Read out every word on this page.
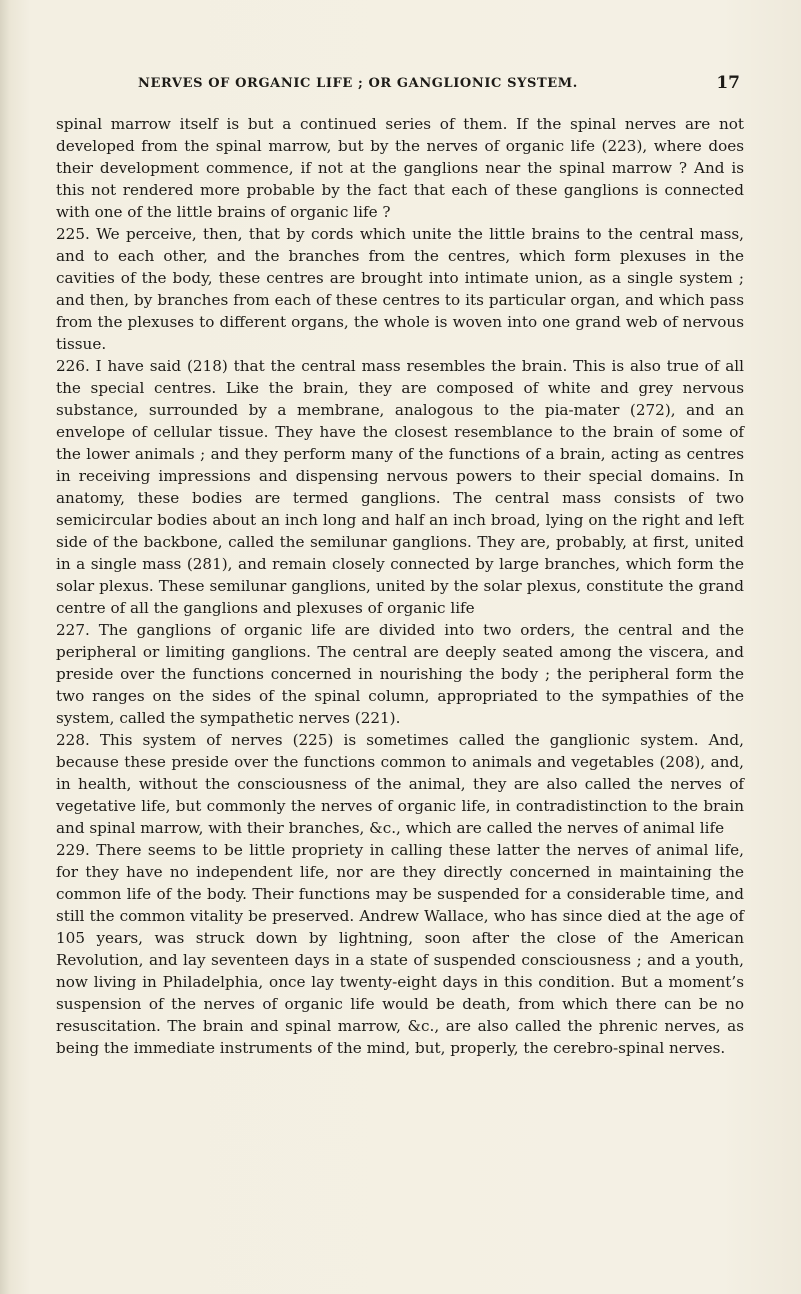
NERVES OF ORGANIC LIFE ; OR GANGLIONIC SYSTEM.	17

spinal marrow itself is but a continued series of them. If the spinal nerves are not developed from the spinal marrow, but by the nerves of organic life (223), where does their development commence, if not at the ganglions near the spinal marrow ? And is this not rendered more probable by the fact that each of these ganglions is connected with one of the little brains of organic life ?

225. We perceive, then, that by cords which unite the little brains to the central mass, and to each other, and the branches from the centres, which form plexuses in the cavities of the body, these centres are brought into intimate union, as a single system ; and then, by branches from each of these centres to its particular organ, and which pass from the plexuses to different organs, the whole is woven into one grand web of nervous tissue.

226. I have said (218) that the central mass resembles the brain. This is also true of all the special centres. Like the brain, they are composed of white and grey nervous substance, surrounded by a membrane, analogous to the pia-mater (272), and an envelope of cellular tissue. They have the closest resemblance to the brain of some of the lower animals ; and they perform many of the functions of a brain, acting as centres in receiving impressions and dispensing nervous powers to their special domains. In anatomy, these bodies are termed ganglions. The central mass consists of two semicircular bodies about an inch long and half an inch broad, lying on the right and left side of the backbone, called the semilunar ganglions. They are, probably, at first, united in a single mass (281), and remain closely connected by large branches, which form the solar plexus. These semilunar ganglions, united by the solar plexus, constitute the grand centre of all the ganglions and plexuses of organic life

227. The ganglions of organic life are divided into two orders, the central and the peripheral or limiting ganglions. The central are deeply seated among the viscera, and preside over the functions concerned in nourishing the body ; the peripheral form the two ranges on the sides of the spinal column, appropriated to the sympathies of the system, called the sympathetic nerves (221).

228. This system of nerves (225) is sometimes called the ganglionic system. And, because these preside over the functions common to animals and vegetables (208), and, in health, without the consciousness of the animal, they are also called the nerves of vegetative life, but commonly the nerves of organic life, in contradistinction to the brain and spinal marrow, with their branches, &c., which are called the nerves of animal life

229. There seems to be little propriety in calling these latter the nerves of animal life, for they have no independent life, nor are they directly concerned in maintaining the common life of the body. Their functions may be suspended for a considerable time, and still the common vitality be preserved. Andrew Wallace, who has since died at the age of 105 years, was struck down by lightning, soon after the close of the American Revolution, and lay seventeen days in a state of suspended consciousness ; and a youth, now living in Philadelphia, once lay twenty-eight days in this condition. But a moment’s suspension of the nerves of organic life would be death, from which there can be no resuscitation. The brain and spinal marrow, &c., are also called the phrenic nerves, as being the immediate instruments of the mind, but, properly, the cerebro-spinal nerves.
